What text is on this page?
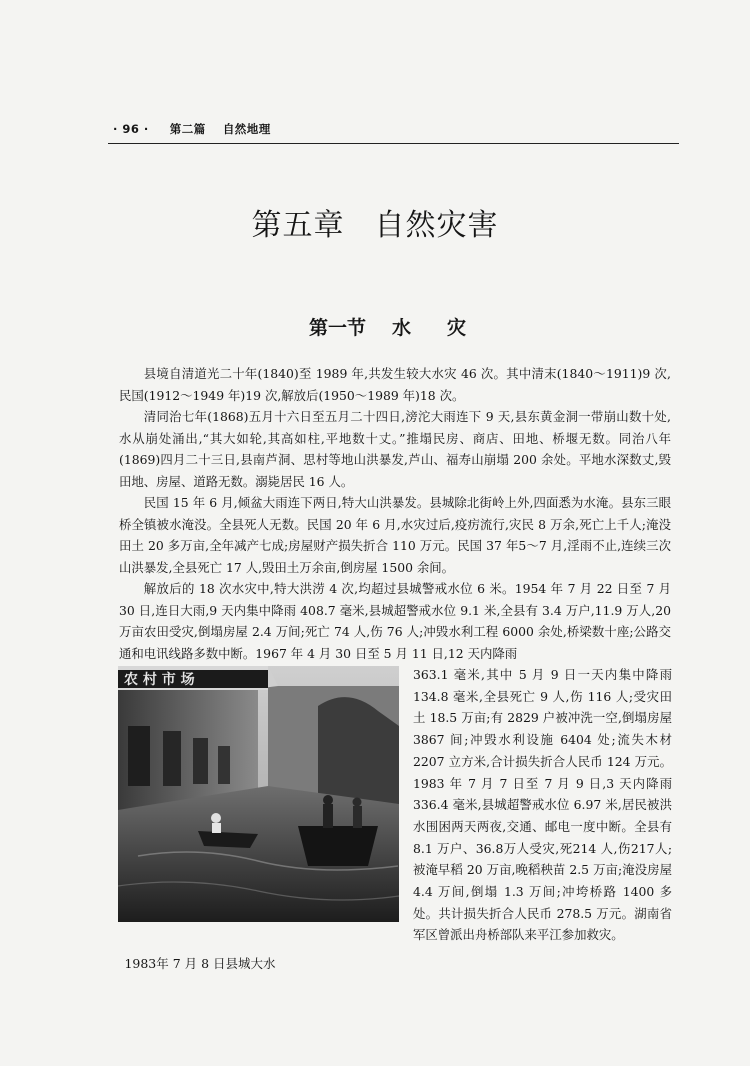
· 96 · 第二篇 自然地理
第五章 自然灾害
第一节 水 灾

县境自清道光二十年(1840)至 1989 年,共发生较大水灾 46 次。其中清末(1840～1911)9 次,民国(1912～1949 年)19 次,解放后(1950～1989 年)18 次。

清同治七年(1868)五月十六日至五月二十四日,滂沱大雨连下 9 天,县东黄金洞一带崩山数十处,水从崩处涌出,“其大如轮,其高如柱,平地数十丈。”推塌民房、商店、田地、桥堰无数。同治八年(1869)四月二十三日,县南芦洞、思村等地山洪暴发,芦山、福寿山崩塌 200 余处。平地水深数丈,毁田地、房屋、道路无数。溺毙居民 16 人。

民国 15 年 6 月,倾盆大雨连下两日,特大山洪暴发。县城除北街岭上外,四面悉为水淹。县东三眼桥全镇被水淹没。全县死人无数。民国 20 年 6 月,水灾过后,疫疠流行,灾民 8 万余,死亡上千人;淹没田土 20 多万亩,全年减产七成;房屋财产损失折合 110 万元。民国 37 年5～7 月,淫雨不止,连续三次山洪暴发,全县死亡 17 人,毁田土万余亩,倒房屋 1500 余间。

解放后的 18 次水灾中,特大洪涝 4 次,均超过县城警戒水位 6 米。1954 年 7 月 22 日至 7 月 30 日,连日大雨,9 天内集中降雨 408.7 毫米,县城超警戒水位 9.1 米,全县有 3.4 万户,11.9 万人,20 万亩农田受灾,倒塌房屋 2.4 万间;死亡 74 人,伤 76 人;冲毁水利工程 6000 余处,桥梁数十座;公路交通和电讯线路多数中断。1967 年 4 月 30 日至 5 月 11 日,12 天内降雨

农 村 市 场
1983年 7 月 8 日县城大水

363.1 毫米,其中 5 月 9 日一天内集中降雨 134.8 毫米,全县死亡 9 人,伤 116 人;受灾田土 18.5 万亩;有 2829 户被冲洗一空,倒塌房屋 3867 间;冲毁水利设施 6404 处;流失木材 2207 立方米,合计损失折合人民币 124 万元。1983 年 7 月 7 日至 7 月 9 日,3 天内降雨 336.4 毫米,县城超警戒水位 6.97 米,居民被洪水围困两天两夜,交通、邮电一度中断。全县有 8.1 万户、36.8万人受灾,死214 人,伤217人;被淹早稻 20 万亩,晚稻秧苗 2.5 万亩;淹没房屋 4.4 万间,倒塌 1.3 万间;冲垮桥路 1400 多处。共计损失折合人民币 278.5 万元。湖南省军区曾派出舟桥部队来平江参加救灾。
